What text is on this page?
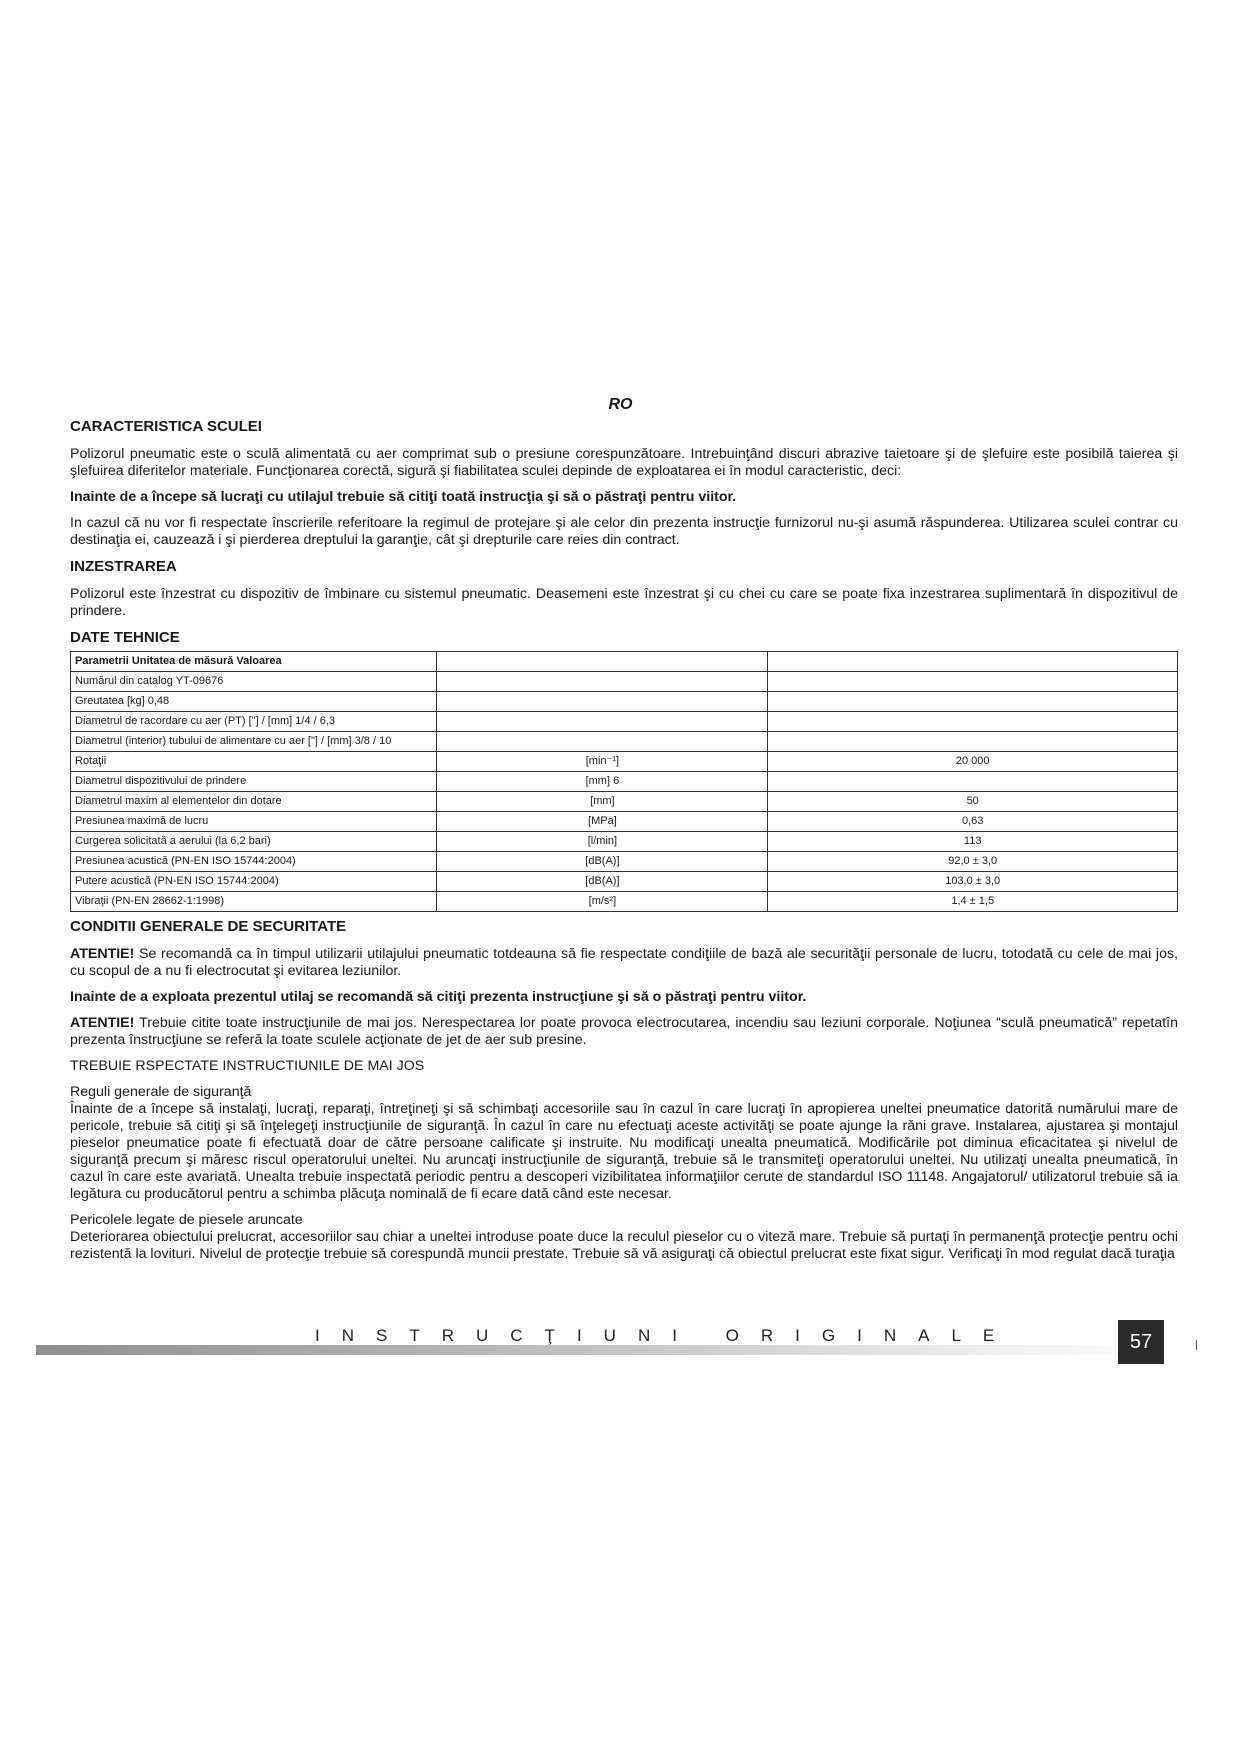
RO
CARACTERISTICA SCULEI

Polizorul pneumatic este o sculă alimentată cu aer comprimat sub o presiune corespunzătoare. Intrebuinţând discuri abrazive taietoare şi de şlefuire este posibilă taierea şi şlefuirea diferitelor materiale. Funcţionarea corectă, sigură şi fiabilitatea sculei depinde de exploatarea ei în modul caracteristic, deci:

Inainte de a începe să lucraţi cu utilajul trebuie să citiţi toată instrucţia şi să o păstraţi pentru viitor.

In cazul că nu vor fi respectate înscrierile referitoare la regimul de protejare şi ale celor din prezenta instrucţie furnizorul nu-şi asumă răspunderea. Utilizarea sculei contrar cu destinaţia ei, cauzează i şi pierderea dreptului la garanţie, cât şi drepturile care reies din contract.

INZESTRAREA

Polizorul este înzestrat cu dispozitiv de îmbinare cu sistemul pneumatic. Deasemeni este înzestrat şi cu chei cu care se poate fixa inzestrarea suplimentară în dispozitivul de prindere.

DATE TEHNICE
Parametrii Unitatea de măsură Valoarea		
Numărul din catalog YT-09676		
Greutatea [kg] 0,48		
Diametrul de racordare cu aer (PT) ["] / [mm] 1/4 / 6,3		
Diametrul (interior) tubului de alimentare cu aer ["] / [mm] 3/8 / 10		
Rotaţii	[min⁻¹]	20 000
Diametrul dispozitivului de prindere	[mm] 6	
Diametrul maxim al elementelor din dotare	[mm]	50
Presiunea maximă de lucru	[MPa]	0,63
Curgerea solicitată a aerului (la 6,2 bari)	[l/min]	113
Presiunea acustică (PN-EN ISO 15744:2004)	[dB(A)]	92,0 ± 3,0
Putere acustică (PN-EN ISO 15744:2004)	[dB(A)]	103,0 ± 3,0
Vibraţii (PN-EN 28662-1:1998)	[m/s²]	1,4 ± 1,5
CONDITII GENERALE DE SECURITATE

ATENTIE! Se recomandă ca în timpul utilizarii utilajului pneumatic totdeauna să fie respectate condiţiile de bază ale securităţii personale de lucru, totodată cu cele de mai jos, cu scopul de a nu fi electrocutat şi evitarea leziunilor.

Inainte de a exploata prezentul utilaj se recomandă să citiţi prezenta instrucţiune şi să o păstraţi pentru viitor.

ATENTIE! Trebuie citite toate instrucţiunile de mai jos. Nerespectarea lor poate provoca electrocutarea, incendiu sau leziuni corporale. Noţiunea “sculă pneumatică” repetatîn prezenta înstrucţiune se referă la toate sculele acţionate de jet de aer sub presine.

TREBUIE RSPECTATE INSTRUCTIUNILE DE MAI JOS
Reguli generale de siguranţă

Înainte de a începe să instalaţi, lucraţi, reparaţi, întreţineţi şi să schimbaţi accesoriile sau în cazul în care lucraţi în apropierea uneltei pneumatice datorită numărului mare de pericole, trebuie să citiţi şi să înţelegeţi instrucţiunile de siguranţă. În cazul în care nu efectuaţi aceste activităţi se poate ajunge la răni grave. Instalarea, ajustarea şi montajul pieselor pneumatice poate fi efectuată doar de către persoane calificate şi instruite. Nu modificaţi unealta pneumatică. Modificările pot diminua eficacitatea şi nivelul de siguranţă precum şi măresc riscul operatorului uneltei. Nu aruncaţi instrucţiunile de siguranţă, trebuie să le transmiteţi operatorului uneltei. Nu utilizaţi unealta pneumatică, în cazul în care este avariată. Unealta trebuie inspectată periodic pentru a descoperi vizibilitatea informaţiilor cerute de standardul ISO 11148. Angajatorul/ utilizatorul trebuie să ia legătura cu producătorul pentru a schimba plăcuţa nominală de fi ecare dată când este necesar.

Pericolele legate de piesele aruncate

Deteriorarea obiectului prelucrat, accesoriilor sau chiar a uneltei introduse poate duce la reculul pieselor cu o viteză mare. Trebuie să purtaţi în permanenţă protecţie pentru ochi rezistentă la lovituri. Nivelul de protecţie trebuie să corespundă muncii prestate. Trebuie să vă asiguraţi că obiectul prelucrat este fixat sigur. Verificaţi în mod regulat dacă turaţia

INSTRUCŢIUNI ORIGINALE	57
